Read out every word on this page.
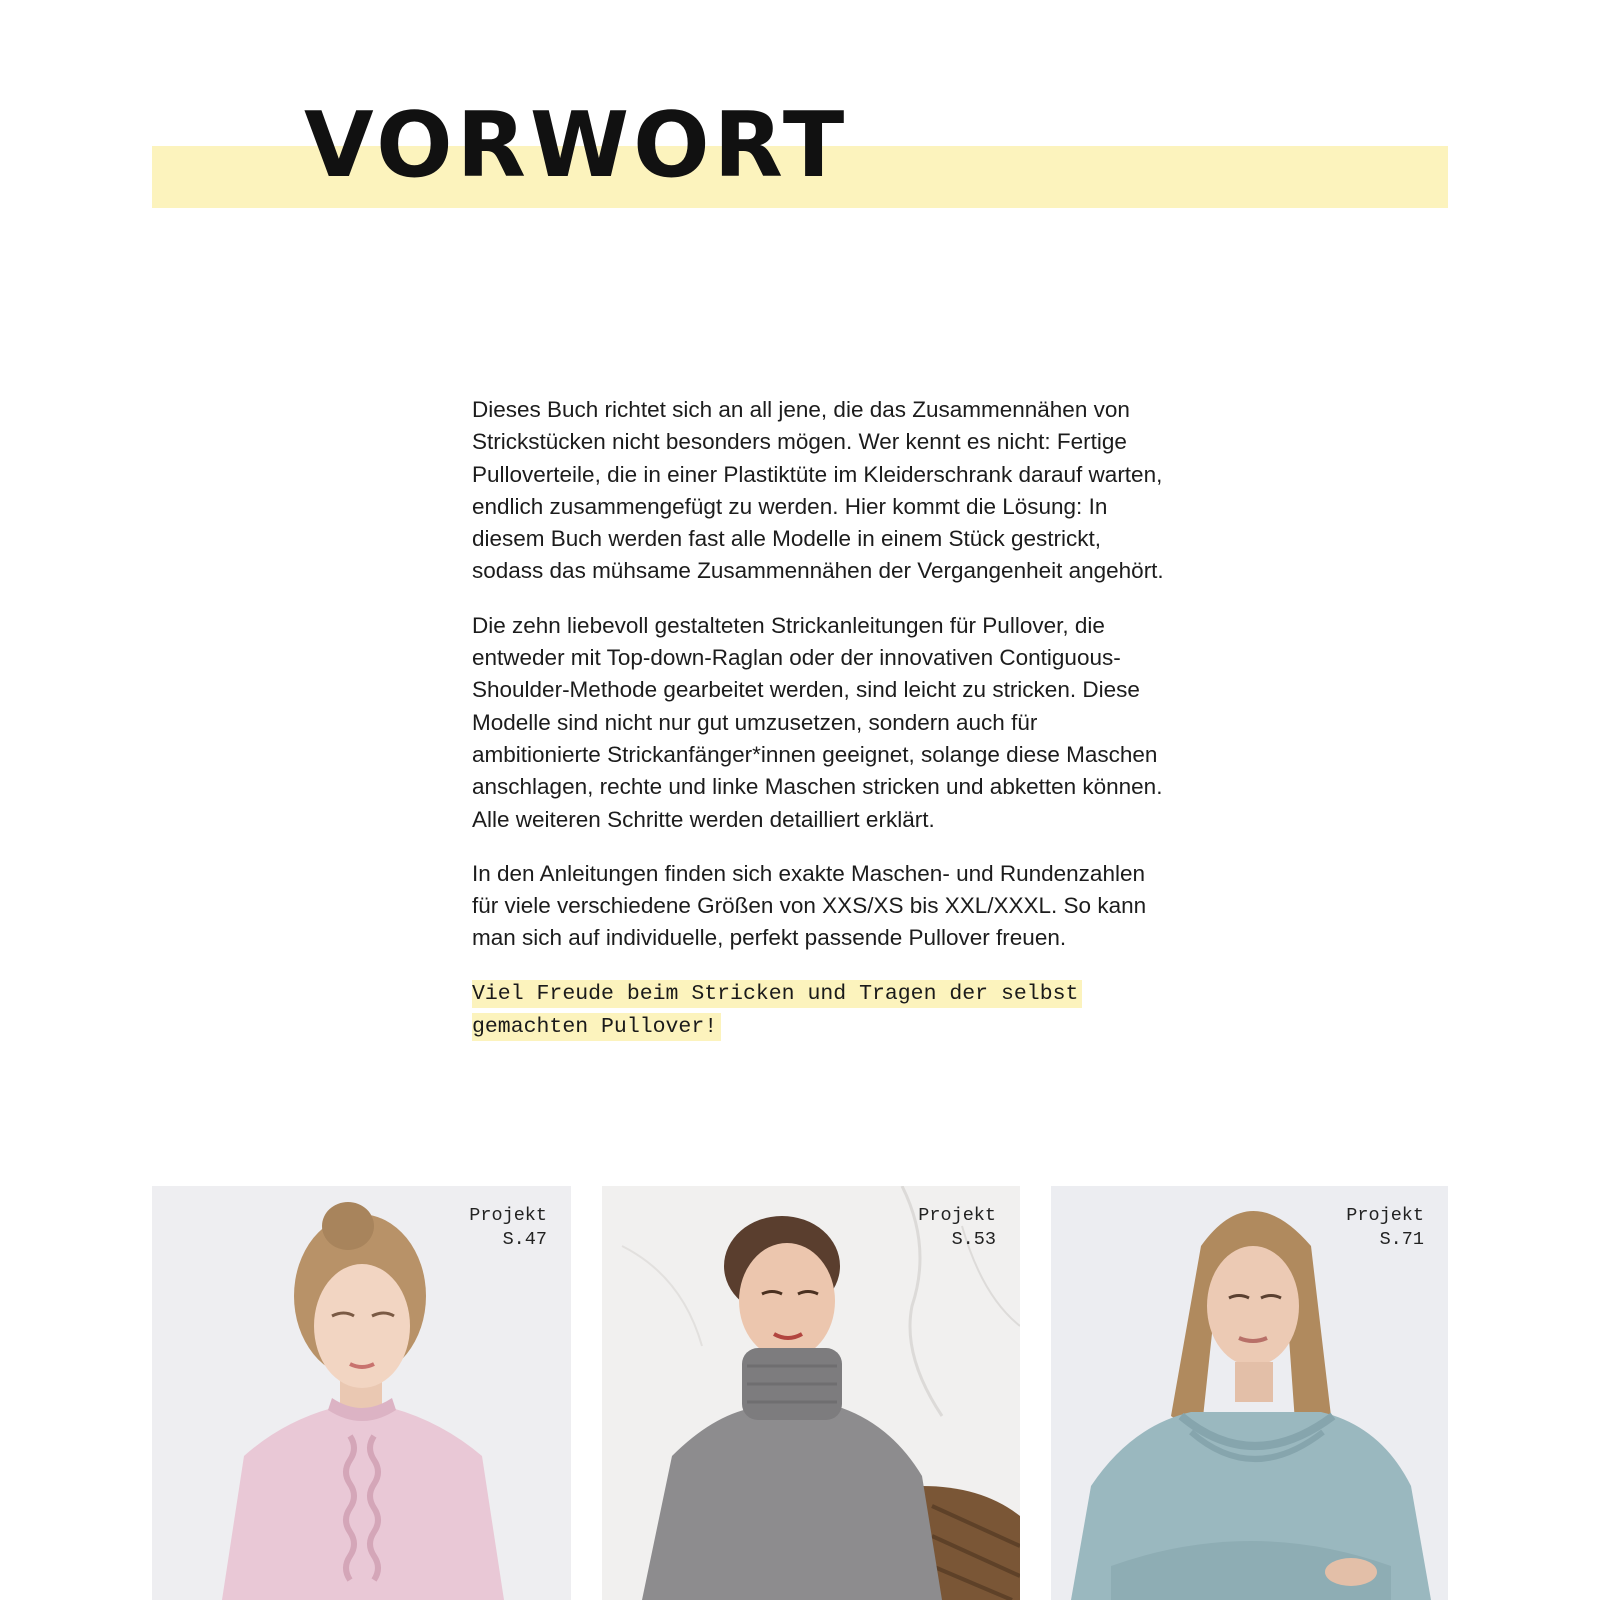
VORWORT

Dieses Buch richtet sich an all jene, die das Zusammennähen von Strickstücken nicht besonders mögen. Wer kennt es nicht: Fertige Pulloverteile, die in einer Plastiktüte im Kleiderschrank darauf warten, endlich zusammengefügt zu werden. Hier kommt die Lösung: In diesem Buch werden fast alle Modelle in einem Stück gestrickt, sodass das mühsame Zusammennähen der Vergangenheit angehört.

Die zehn liebevoll gestalteten Strickanleitungen für Pullover, die entweder mit Top-down-Raglan oder der innovativen Contiguous-Shoulder-Methode gearbeitet werden, sind leicht zu stricken. Diese Modelle sind nicht nur gut umzusetzen, sondern auch für ambitionierte Strickanfänger*innen geeignet, solange diese Maschen anschlagen, rechte und linke Maschen stricken und abketten können. Alle weiteren Schritte werden detailliert erklärt.

In den Anleitungen finden sich exakte Maschen- und Rundenzahlen für viele verschiedene Größen von XXS/XS bis XXL/XXXL. So kann man sich auf individuelle, perfekt passende Pullover freuen.

Viel Freude beim Stricken und Tragen der selbst gemachten Pullover!

Projekt
S.47
Projekt
S.53
Projekt
S.71
